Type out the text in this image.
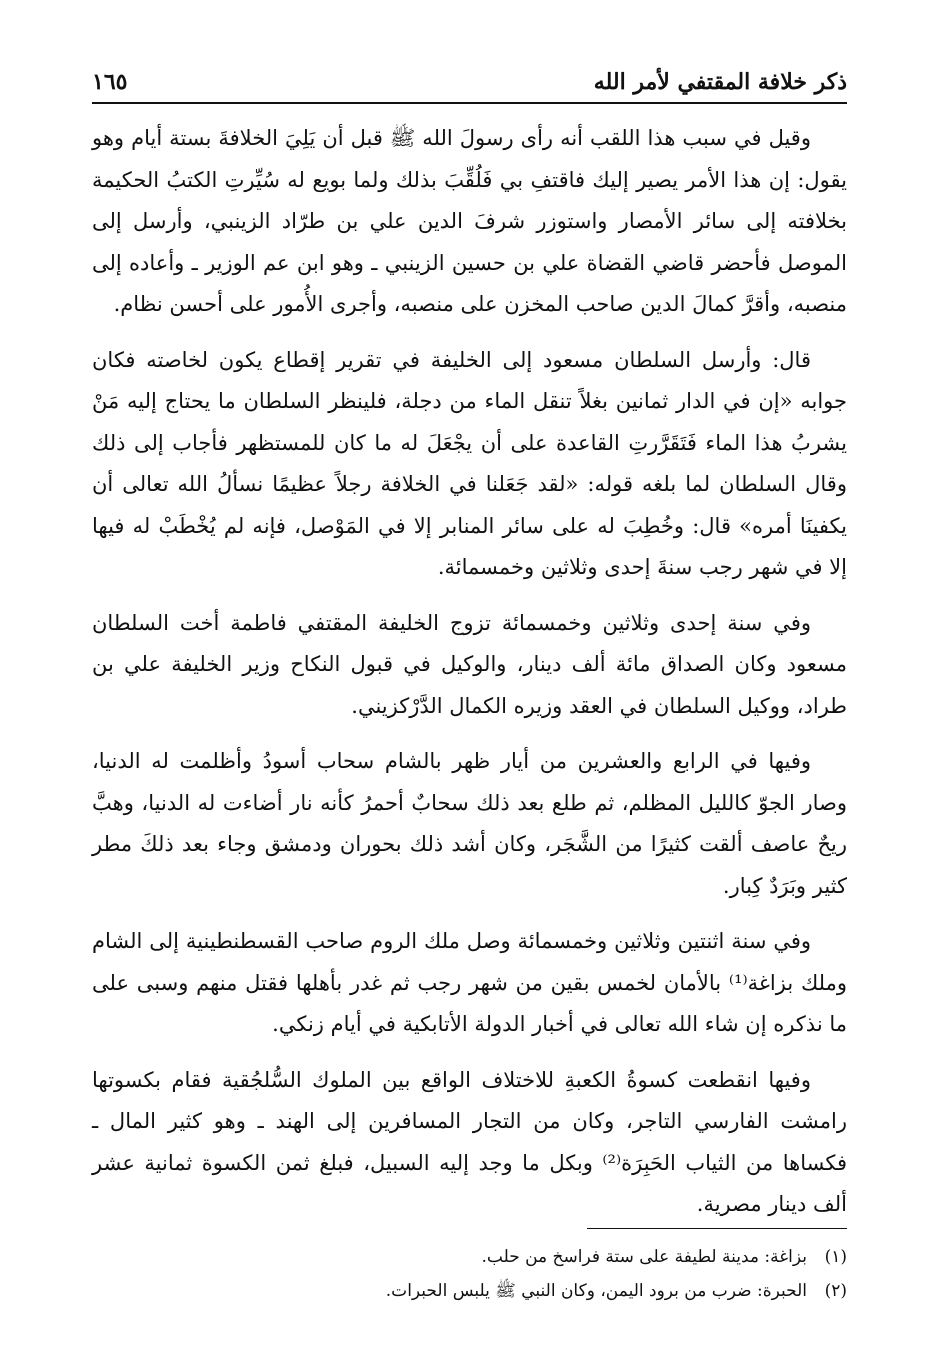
ذكر خلافة المقتفي لأمر الله
١٦٥

وقيل في سبب هذا اللقب أنه رأى رسولَ الله ﷺ قبل أن يَلِيَ الخلافةَ بستة أيام وهو يقول: إن هذا الأمر يصير إليك فاقتفِ بي فَلُقِّبَ بذلك ولما بويع له سُيِّرتِ الكتبُ الحكيمة بخلافته إلى سائر الأمصار واستوزر شرفَ الدين علي بن طرّاد الزينبي، وأرسل إلى الموصل فأحضر قاضي القضاة علي بن حسين الزينبي ـ وهو ابن عم الوزير ـ وأعاده إلى منصبه، وأقرَّ كمالَ الدين صاحب المخزن على منصبه، وأجرى الأُمور على أحسن نظام.

قال: وأرسل السلطان مسعود إلى الخليفة في تقرير إقطاع يكون لخاصته فكان جوابه «إن في الدار ثمانين بغلاً تنقل الماء من دجلة، فلينظر السلطان ما يحتاج إليه مَنْ يشربُ هذا الماء فَتَقَرَّرتِ القاعدة على أن يجْعَلَ له ما كان للمستظهر فأجاب إلى ذلك وقال السلطان لما بلغه قوله: «لقد جَعَلنا في الخلافة رجلاً عظيمًا نسألُ الله تعالى أن يكفينَا أمره» قال: وخُطِبَ له على سائر المنابر إلا في المَوْصل، فإنه لم يُخْطَبْ له فيها إلا في شهر رجب سنةَ إحدى وثلاثين وخمسمائة.

وفي سنة إحدى وثلاثين وخمسمائة تزوج الخليفة المقتفي فاطمة أخت السلطان مسعود وكان الصداق مائة ألف دينار، والوكيل في قبول النكاح وزير الخليفة علي بن طراد، ووكيل السلطان في العقد وزيره الكمال الدَّرْكزيني.

وفيها في الرابع والعشرين من أيار ظهر بالشام سحاب أسودُ وأظلمت له الدنيا، وصار الجوّ كالليل المظلم، ثم طلع بعد ذلك سحابٌ أحمرُ كأنه نار أضاءت له الدنيا، وهبَّ ريحٌ عاصف ألقت كثيرًا من الشَّجَر، وكان أشد ذلك بحوران ودمشق وجاء بعد ذلكَ مطر كثير وبَرَدٌ كِبار.

وفي سنة اثنتين وثلاثين وخمسمائة وصل ملك الروم صاحب القسطنطينية إلى الشام وملك بزاغة⁽¹⁾ بالأمان لخمس بقين من شهر رجب ثم غدر بأهلها فقتل منهم وسبى على ما نذكره إن شاء الله تعالى في أخبار الدولة الأتابكية في أيام زنكي.

وفيها انقطعت كسوةُ الكعبةِ للاختلاف الواقع بين الملوك السُّلجُقية فقام بكسوتها رامشت الفارسي التاجر، وكان من التجار المسافرين إلى الهند ـ وهو كثير المال ـ فكساها من الثياب الحَبِرَة⁽²⁾ وبكل ما وجد إليه السبيل، فبلغ ثمن الكسوة ثمانية عشر ألف دينار مصرية.

(١)
بزاغة: مدينة لطيفة على ستة فراسخ من حلب.
(٢)
الحبرة: ضرب من برود اليمن، وكان النبي ﷺ يلبس الحبرات.
